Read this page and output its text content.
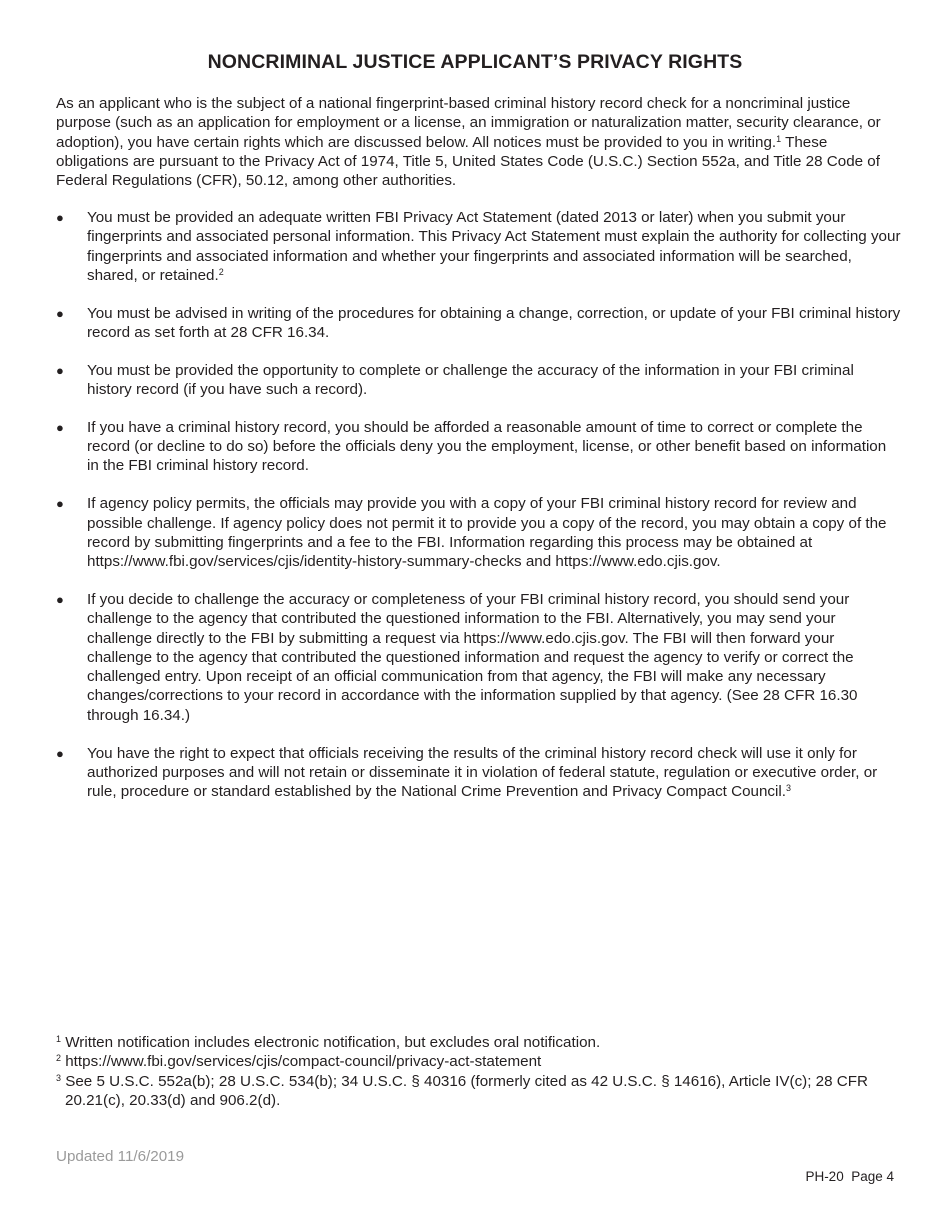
NONCRIMINAL JUSTICE APPLICANT’S PRIVACY RIGHTS

As an applicant who is the subject of a national fingerprint-based criminal history record check for a noncriminal justice purpose (such as an application for employment or a license, an immigration or naturalization matter, security clearance, or adoption), you have certain rights which are discussed below. All notices must be provided to you in writing.$^1$ These obligations are pursuant to the Privacy Act of 1974, Title 5, United States Code (U.S.C.) Section 552a, and Title 28 Code of Federal Regulations (CFR), 50.12, among other authorities.

● You must be provided an adequate written FBI Privacy Act Statement (dated 2013 or later) when you submit your fingerprints and associated personal information. This Privacy Act Statement must explain the authority for collecting your fingerprints and associated information and whether your fingerprints and associated information will be searched, shared, or retained.$^2$
● You must be advised in writing of the procedures for obtaining a change, correction, or update of your FBI criminal history record as set forth at 28 CFR 16.34.
● You must be provided the opportunity to complete or challenge the accuracy of the information in your FBI criminal history record (if you have such a record).
● If you have a criminal history record, you should be afforded a reasonable amount of time to correct or complete the record (or decline to do so) before the officials deny you the employment, license, or other benefit based on information in the FBI criminal history record.
● If agency policy permits, the officials may provide you with a copy of your FBI criminal history record for review and possible challenge. If agency policy does not permit it to provide you a copy of the record, you may obtain a copy of the record by submitting fingerprints and a fee to the FBI. Information regarding this process may be obtained at https://www.fbi.gov/services/cjis/identity-history-summary-checks and https://www.edo.cjis.gov.
● If you decide to challenge the accuracy or completeness of your FBI criminal history record, you should send your challenge to the agency that contributed the questioned information to the FBI. Alternatively, you may send your challenge directly to the FBI by submitting a request via https://www.edo.cjis.gov. The FBI will then forward your challenge to the agency that contributed the questioned information and request the agency to verify or correct the challenged entry. Upon receipt of an official communication from that agency, the FBI will make any necessary changes/corrections to your record in accordance with the information supplied by that agency. (See 28 CFR 16.30 through 16.34.)
● You have the right to expect that officials receiving the results of the criminal history record check will use it only for authorized purposes and will not retain or disseminate it in violation of federal statute, regulation or executive order, or rule, procedure or standard established by the National Crime Prevention and Privacy Compact Council.$^3$

$^1$ Written notification includes electronic notification, but excludes oral notification.

$^2$ https://www.fbi.gov/services/cjis/compact-council/privacy-act-statement

$^3$ See 5 U.S.C. 552a(b); 28 U.S.C. 534(b); 34 U.S.C. § 40316 (formerly cited as 42 U.S.C. § 14616), Article IV(c); 28 CFR 20.21(c), 20.33(d) and 906.2(d).

Updated 11/6/2019

PH-20  Page 4
